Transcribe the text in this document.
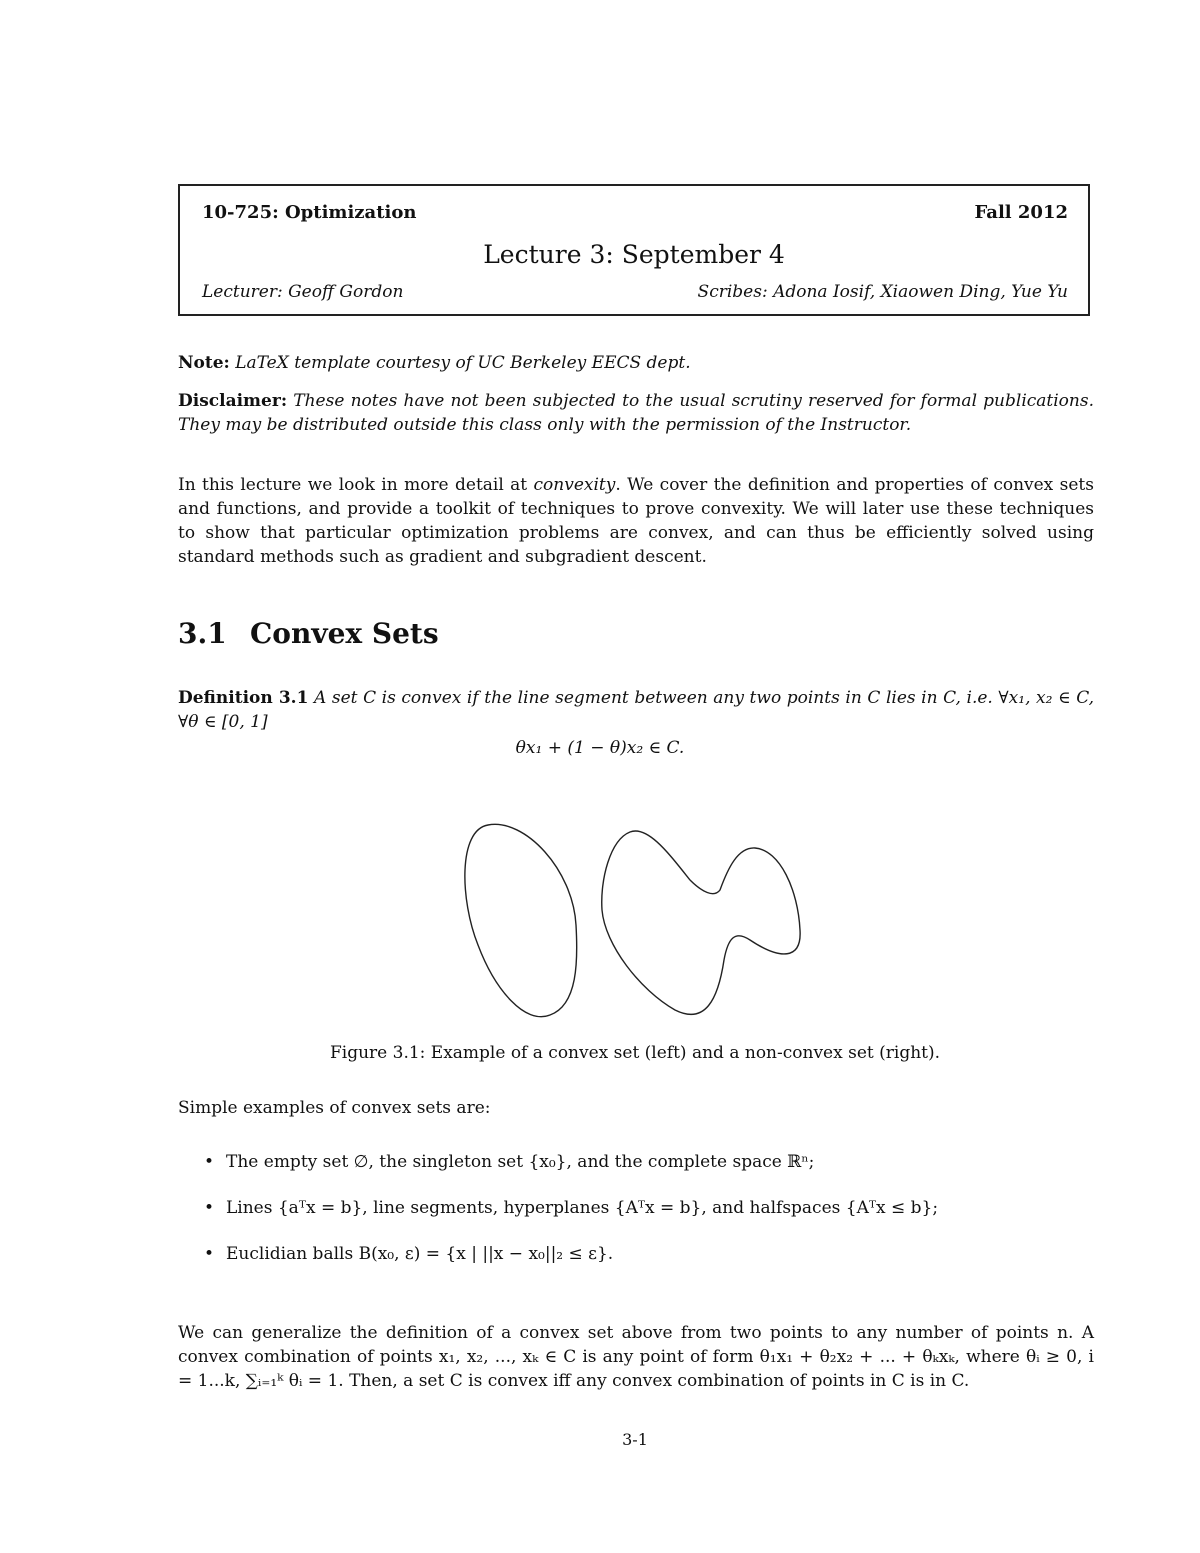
10-725: Optimization	Fall 2012
Lecture 3: September 4
Lecturer: Geoff Gordon	Scribes: Adona Iosif, Xiaowen Ding, Yue Yu
Note: LaTeX template courtesy of UC Berkeley EECS dept.
Disclaimer: These notes have not been subjected to the usual scrutiny reserved for formal publications. They may be distributed outside this class only with the permission of the Instructor.
In this lecture we look in more detail at convexity. We cover the definition and properties of convex sets and functions, and provide a toolkit of techniques to prove convexity. We will later use these techniques to show that particular optimization problems are convex, and can thus be efficiently solved using standard methods such as gradient and subgradient descent.
3.1 Convex Sets
Definition 3.1 A set C is convex if the line segment between any two points in C lies in C, i.e. ∀x₁, x₂ ∈ C, ∀θ ∈ [0, 1]
θx₁ + (1 − θ)x₂ ∈ C.
Figure 3.1: Example of a convex set (left) and a non-convex set (right).
Simple examples of convex sets are:
• The empty set ∅, the singleton set {x₀}, and the complete space ℝⁿ;
• Lines {aᵀx = b}, line segments, hyperplanes {Aᵀx = b}, and halfspaces {Aᵀx ≤ b};
• Euclidian balls B(x₀, ε) = {x | ||x − x₀||₂ ≤ ε}.
We can generalize the definition of a convex set above from two points to any number of points n. A convex combination of points x₁, x₂, ..., xₖ ∈ C is any point of form θ₁x₁ + θ₂x₂ + ... + θₖxₖ, where θᵢ ≥ 0, i = 1...k, ∑ᵢ₌₁ᵏ θᵢ = 1. Then, a set C is convex iff any convex combination of points in C is in C.
3-1
